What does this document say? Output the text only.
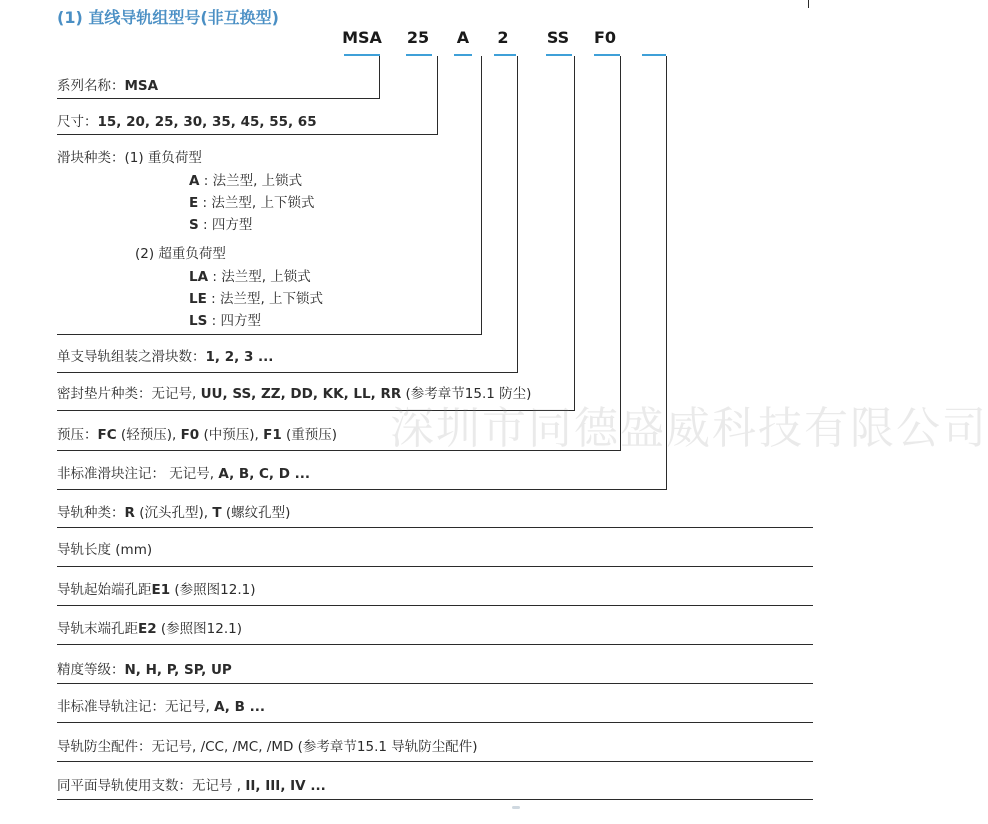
(1) 直线导轨组型号(非互换型)
MSA 25 A	2	SS F0
深圳市同德盛威科技有限公司
系列名称：MSA
尺寸：15, 20, 25, 30, 35, 45, 55, 65
滑块种类：(1) 重负荷型
A : 法兰型, 上锁式
E : 法兰型, 上下锁式
S : 四方型
(2) 超重负荷型
LA : 法兰型, 上锁式
LE : 法兰型, 上下锁式
LS : 四方型
单支导轨组装之滑块数：1, 2, 3 ...
密封垫片种类：无记号, UU, SS, ZZ, DD, KK, LL, RR (参考章节15.1 防尘)
预压：FC (轻预压), F0 (中预压), F1 (重预压)
非标准滑块注记： 无记号, A, B, C, D ...
导轨种类：R (沉头孔型), T (螺纹孔型)
导轨长度 (mm)
导轨起始端孔距E1 (参照图12.1)
导轨末端孔距E2 (参照图12.1)
精度等级：N, H, P, SP, UP
非标准导轨注记：无记号, A, B ...
导轨防尘配件：无记号, /CC, /MC, /MD (参考章节15.1 导轨防尘配件)
同平面导轨使用支数：无记号 , II, III, IV ...
